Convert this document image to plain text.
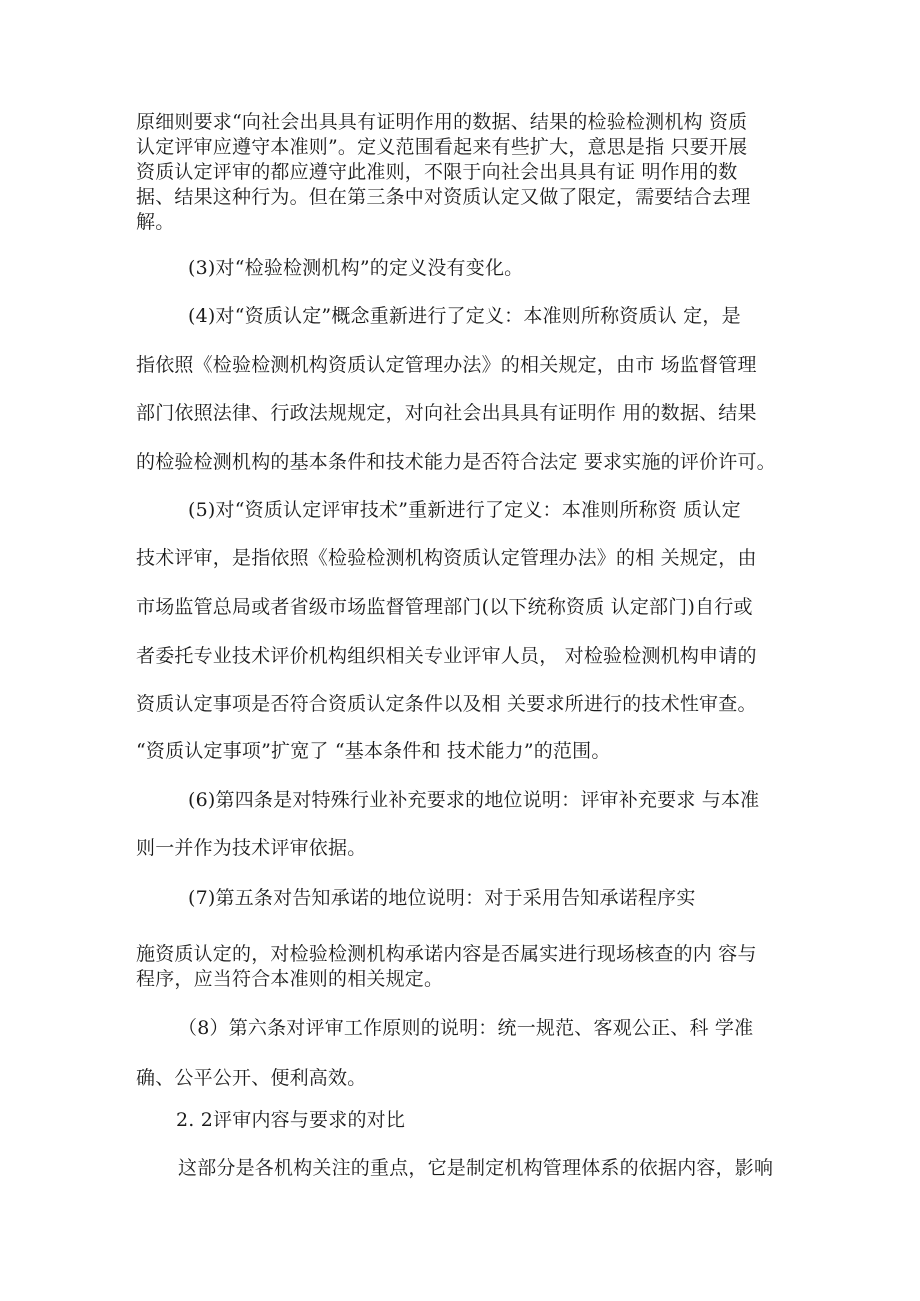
原细则要求“向社会出具具有证明作用的数据、结果的检验检测机构 资质
认定评审应遵守本准则”。定义范围看起来有些扩大，意思是指 只要开展
资质认定评审的都应遵守此准则，不限于向社会出具具有证 明作用的数
据、结果这种行为。但在第三条中对资质认定又做了限定，需要结合去理
解。
(3)对“检验检测机构”的定义没有变化。
(4)对“资质认定”概念重新进行了定义：本准则所称资质认 定，是
指依照《检验检测机构资质认定管理办法》的相关规定，由市 场监督管理
部门依照法律、行政法规规定，对向社会出具具有证明作 用的数据、结果
的检验检测机构的基本条件和技术能力是否符合法定 要求实施的评价许可。
(5)对“资质认定评审技术”重新进行了定义：本准则所称资 质认定
技术评审，是指依照《检验检测机构资质认定管理办法》的相 关规定，由
市场监管总局或者省级市场监督管理部门(以下统称资质 认定部门)自行或
者委托专业技术评价机构组织相关专业评审人员， 对检验检测机构申请的
资质认定事项是否符合资质认定条件以及相 关要求所进行的技术性审查。
“资质认定事项”扩宽了 “基本条件和 技术能力”的范围。
(6)第四条是对特殊行业补充要求的地位说明：评审补充要求 与本准
则一并作为技术评审依据。
(7)第五条对告知承诺的地位说明：对于采用告知承诺程序实
施资质认定的，对检验检测机构承诺内容是否属实进行现场核查的内 容与
程序，应当符合本准则的相关规定。
（8）第六条对评审工作原则的说明：统一规范、客观公正、科 学准
确、公平公开、便利高效。
2. 2评审内容与要求的对比
这部分是各机构关注的重点，它是制定机构管理体系的依据内容，影响
